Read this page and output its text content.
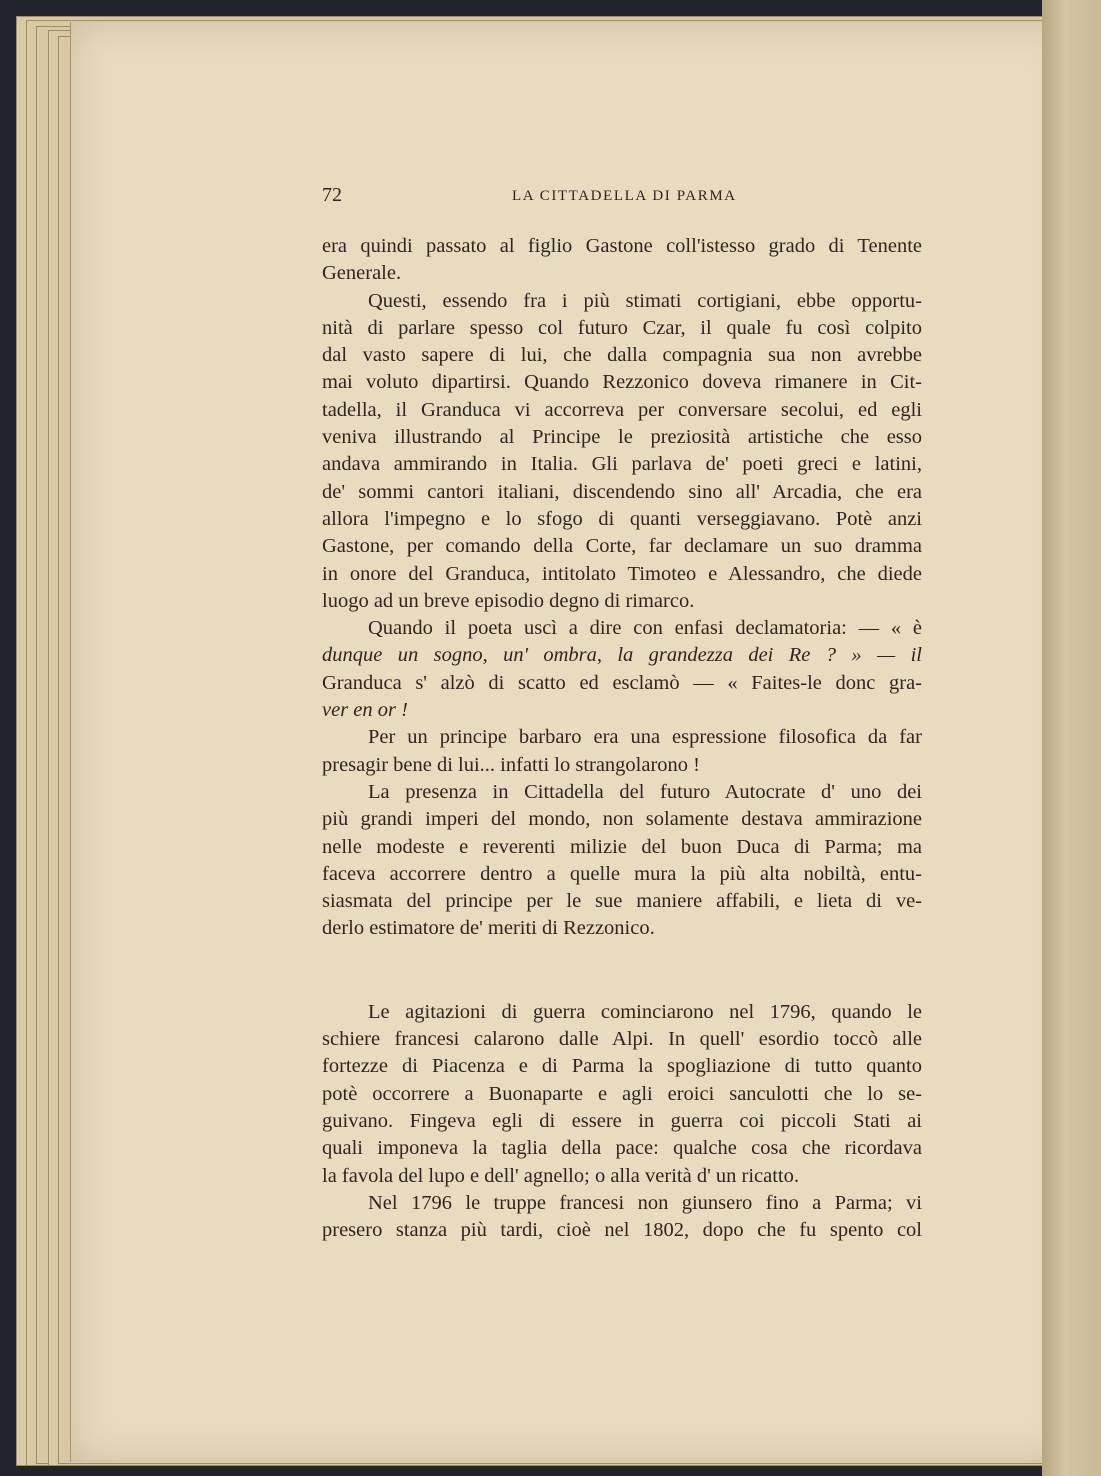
72	LA CITTADELLA DI PARMA
era quindi passato al figlio Gastone coll'istesso grado di Tenente
Generale.
Questi, essendo fra i più stimati cortigiani, ebbe opportu-
nità di parlare spesso col futuro Czar, il quale fu così colpito
dal vasto sapere di lui, che dalla compagnia sua non avrebbe
mai voluto dipartirsi. Quando Rezzonico doveva rimanere in Cit-
tadella, il Granduca vi accorreva per conversare secolui, ed egli
veniva illustrando al Principe le preziosità artistiche che esso
andava ammirando in Italia. Gli parlava de' poeti greci e latini,
de' sommi cantori italiani, discendendo sino all' Arcadia, che era
allora l'impegno e lo sfogo di quanti verseggiavano. Potè anzi
Gastone, per comando della Corte, far declamare un suo dramma
in onore del Granduca, intitolato Timoteo e Alessandro, che diede
luogo ad un breve episodio degno di rimarco.
Quando il poeta uscì a dire con enfasi declamatoria: — « è
dunque un sogno, un' ombra, la grandezza dei Re ? » — il
Granduca s' alzò di scatto ed esclamò — « Faites-le donc gra-
ver en or !
Per un principe barbaro era una espressione filosofica da far
presagir bene di lui... infatti lo strangolarono !
La presenza in Cittadella del futuro Autocrate d' uno dei
più grandi imperi del mondo, non solamente destava ammirazione
nelle modeste e reverenti milizie del buon Duca di Parma; ma
faceva accorrere dentro a quelle mura la più alta nobiltà, entu-
siasmata del principe per le sue maniere affabili, e lieta di ve-
derlo estimatore de' meriti di Rezzonico.
Le agitazioni di guerra cominciarono nel 1796, quando le
schiere francesi calarono dalle Alpi. In quell' esordio toccò alle
fortezze di Piacenza e di Parma la spogliazione di tutto quanto
potè occorrere a Buonaparte e agli eroici sanculotti che lo se-
guivano. Fingeva egli di essere in guerra coi piccoli Stati ai
quali imponeva la taglia della pace: qualche cosa che ricordava
la favola del lupo e dell' agnello; o alla verità d' un ricatto.
Nel 1796 le truppe francesi non giunsero fino a Parma; vi
presero stanza più tardi, cioè nel 1802, dopo che fu spento col
